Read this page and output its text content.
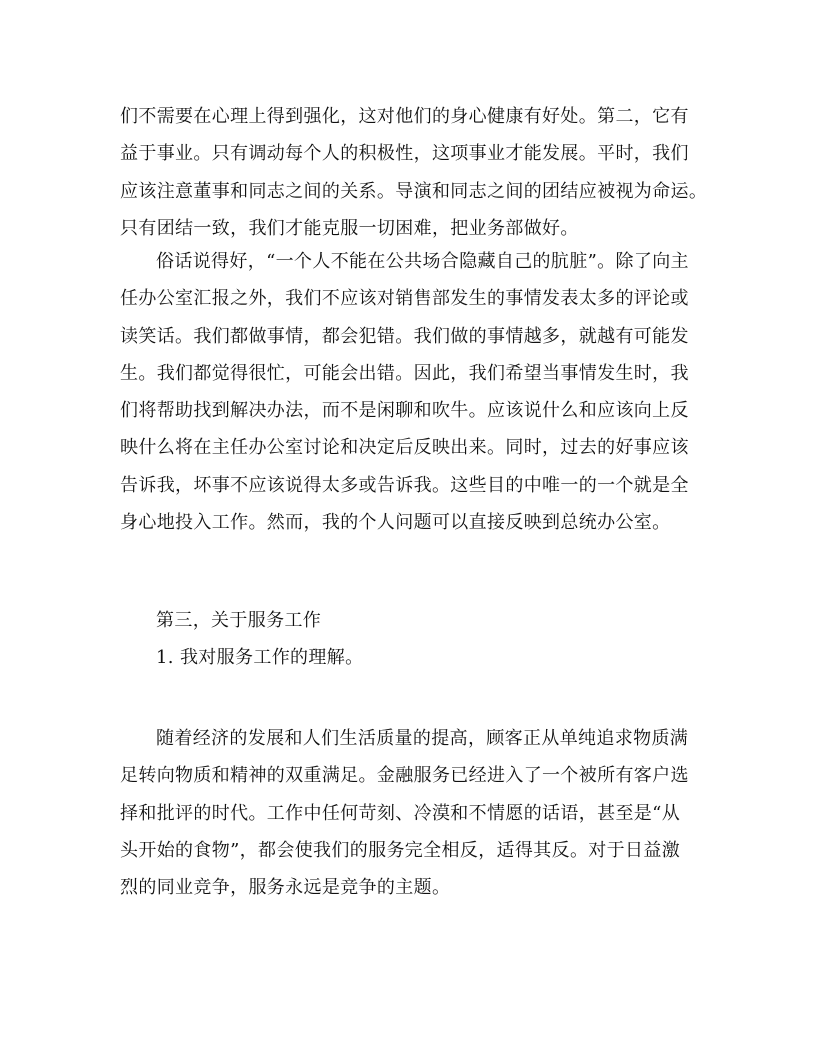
们不需要在心理上得到强化，这对他们的身心健康有好处。第二，它有
益于事业。只有调动每个人的积极性，这项事业才能发展。平时，我们
应该注意董事和同志之间的关系。导演和同志之间的团结应被视为命运。
只有团结一致，我们才能克服一切困难，把业务部做好。
俗话说得好，“一个人不能在公共场合隐藏自己的肮脏”。除了向主
任办公室汇报之外，我们不应该对销售部发生的事情发表太多的评论或
读笑话。我们都做事情，都会犯错。我们做的事情越多，就越有可能发
生。我们都觉得很忙，可能会出错。因此，我们希望当事情发生时，我
们将帮助找到解决办法，而不是闲聊和吹牛。应该说什么和应该向上反
映什么将在主任办公室讨论和决定后反映出来。同时，过去的好事应该
告诉我，坏事不应该说得太多或告诉我。这些目的中唯一的一个就是全
身心地投入工作。然而，我的个人问题可以直接反映到总统办公室。
第三，关于服务工作
1. 我对服务工作的理解。
随着经济的发展和人们生活质量的提高，顾客正从单纯追求物质满
足转向物质和精神的双重满足。金融服务已经进入了一个被所有客户选
择和批评的时代。工作中任何苛刻、冷漠和不情愿的话语，甚至是“从
头开始的食物”，都会使我们的服务完全相反，适得其反。对于日益激
烈的同业竞争，服务永远是竞争的主题。
